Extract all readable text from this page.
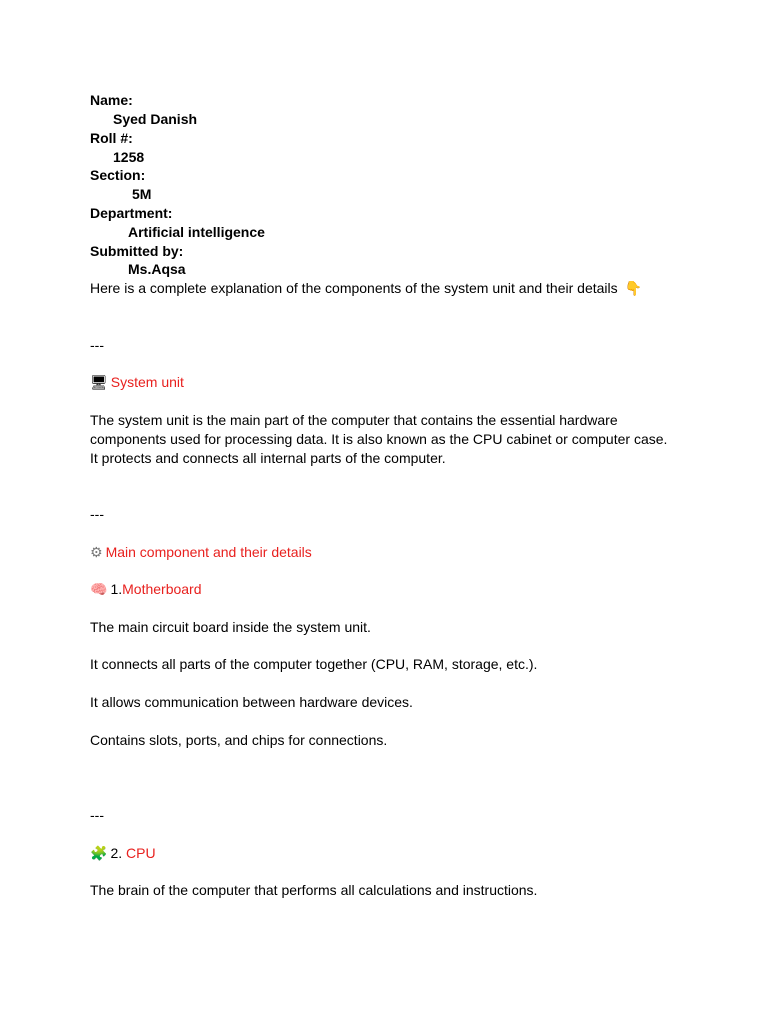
Name:
Syed Danish
Roll #:
1258
Section:
5M
Department:
Artificial intelligence
Submitted by:
Ms.Aqsa
Here is a complete explanation of the components of the system unit and their details 👇
---
🖥 System unit
The system unit is the main part of the computer that contains the essential hardware
components used for processing data. It is also known as the CPU cabinet or computer case.
It protects and connects all internal parts of the computer.
---
⚙ Main component and their details
🧠 1.Motherboard
The main circuit board inside the system unit.
It connects all parts of the computer together (CPU, RAM, storage, etc.).
It allows communication between hardware devices.
Contains slots, ports, and chips for connections.
---
🧩 2. CPU
The brain of the computer that performs all calculations and instructions.
